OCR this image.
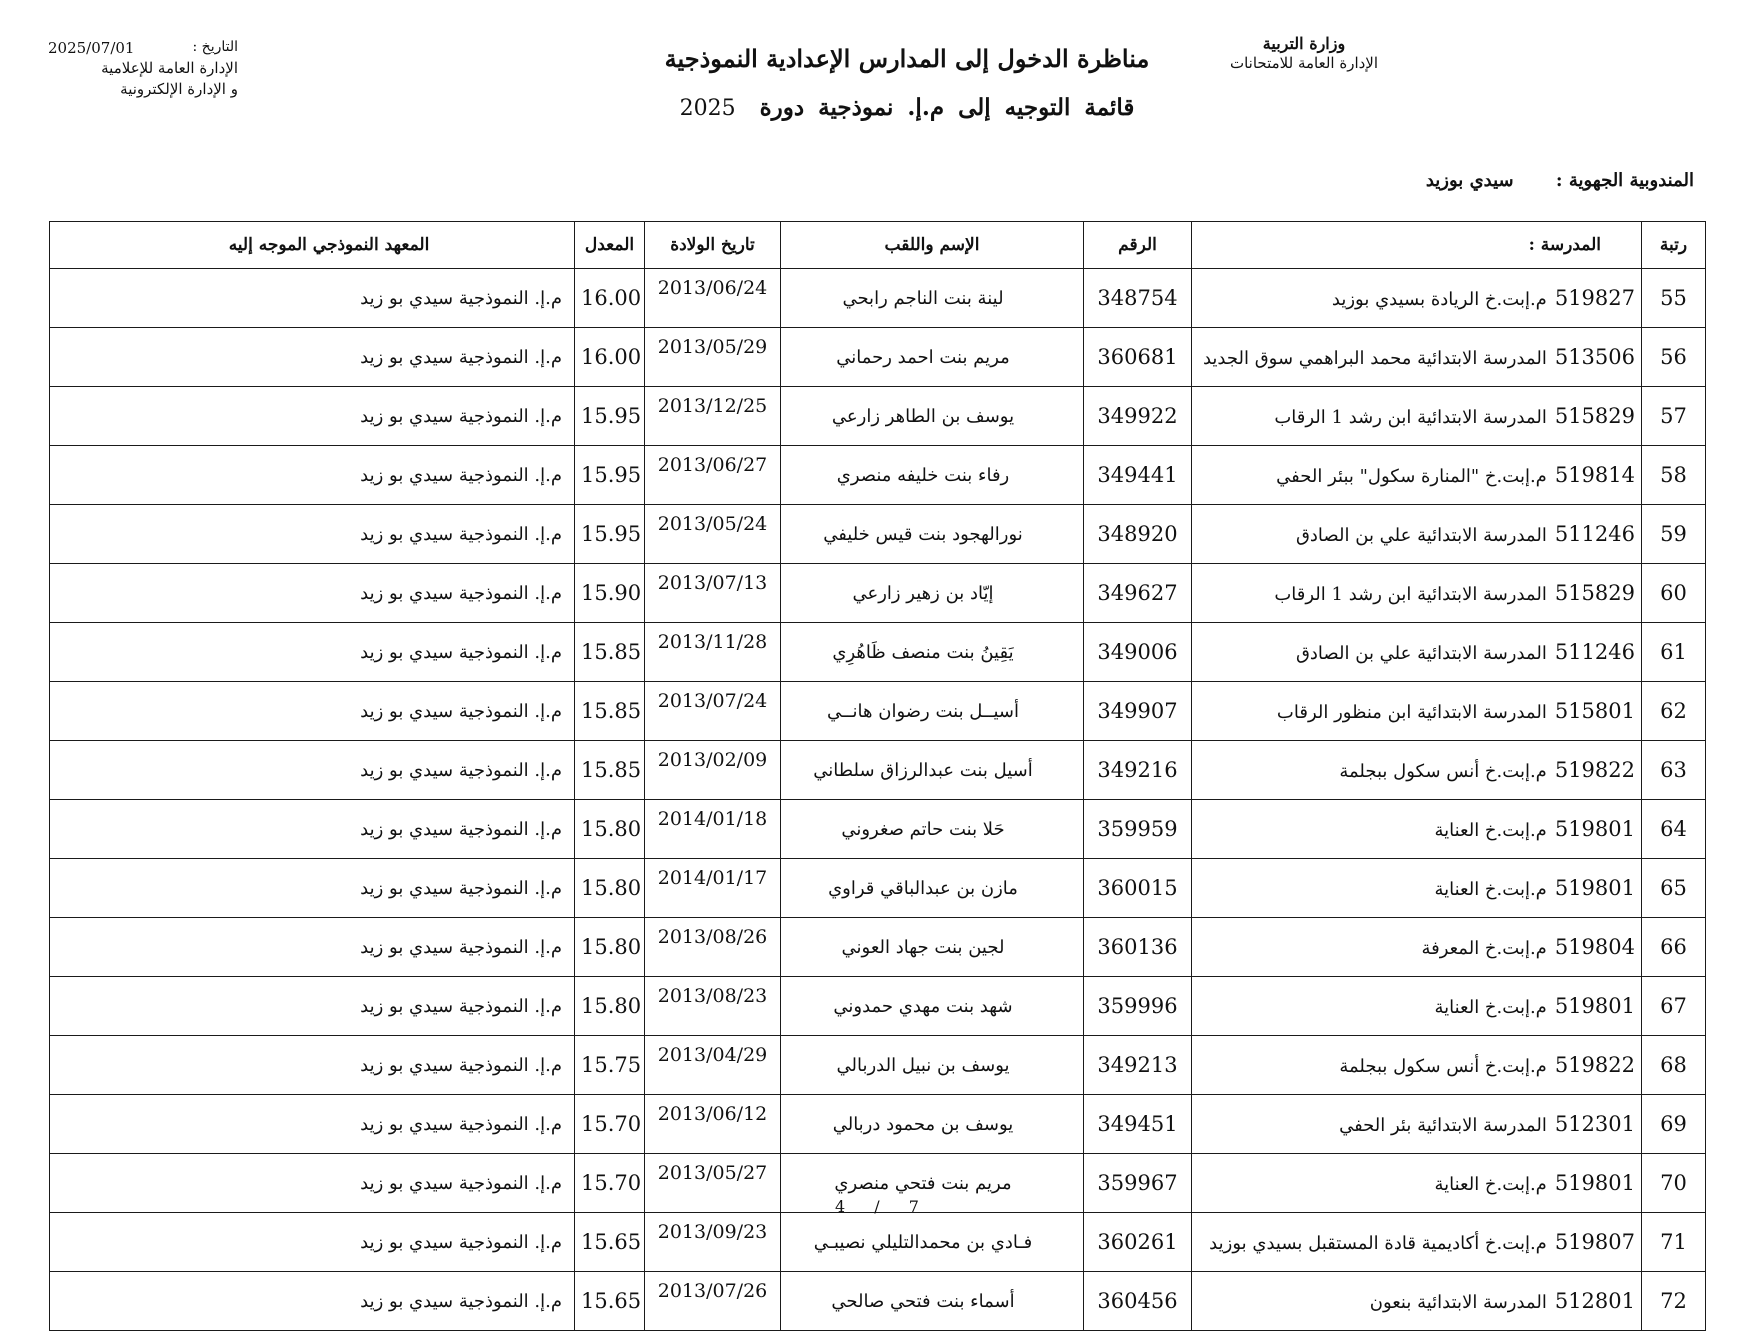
وزارة التربية
الإدارة العامة للامتحانات
التاريخ :
2025/07/01
الإدارة العامة للإعلامية
و الإدارة الإلكترونية
مناظرة الدخول إلى المدارس الإعدادية النموذجية
قائمة التوجيه إلى م.إ. نموذجية دورة 2025
المندوبية الجهوية : سيدي بوزيد
رتبة	المدرسة :	الرقم	الإسم واللقب	تاريخ الولادة	المعدل	المعهد النموذجي الموجه إليه
55	519827م.إبت.خ الريادة بسيدي بوزيد	348754	لينة بنت الناجم رابحي	2013/06/24	16.00	م.إ. النموذجية سيدي بو زيد
56	513506المدرسة الابتدائية محمد البراهمي سوق الجديد	360681	مريم بنت احمد رحماني	2013/05/29	16.00	م.إ. النموذجية سيدي بو زيد
57	515829المدرسة الابتدائية ابن رشد 1 الرقاب	349922	يوسف بن الطاهر زارعي	2013/12/25	15.95	م.إ. النموذجية سيدي بو زيد
58	519814م.إبت.خ "المنارة سكول" ببئر الحفي	349441	رفاء بنت خليفه منصري	2013/06/27	15.95	م.إ. النموذجية سيدي بو زيد
59	511246المدرسة الابتدائية علي بن الصادق	348920	نورالهجود بنت قيس خليفي	2013/05/24	15.95	م.إ. النموذجية سيدي بو زيد
60	515829المدرسة الابتدائية ابن رشد 1 الرقاب	349627	إيّاد بن زهير زارعي	2013/07/13	15.90	م.إ. النموذجية سيدي بو زيد
61	511246المدرسة الابتدائية علي بن الصادق	349006	يَقِينُ بنت منصف ظَاهُرِي	2013/11/28	15.85	م.إ. النموذجية سيدي بو زيد
62	515801المدرسة الابتدائية ابن منظور الرقاب	349907	أسيــل بنت رضوان هانــي	2013/07/24	15.85	م.إ. النموذجية سيدي بو زيد
63	519822م.إبت.خ أنس سكول ببجلمة	349216	أسيل بنت عبدالرزاق سلطاني	2013/02/09	15.85	م.إ. النموذجية سيدي بو زيد
64	519801م.إبت.خ العناية	359959	حَلا بنت حاتم صغروني	2014/01/18	15.80	م.إ. النموذجية سيدي بو زيد
65	519801م.إبت.خ العناية	360015	مازن بن عبدالباقي قراوي	2014/01/17	15.80	م.إ. النموذجية سيدي بو زيد
66	519804م.إبت.خ المعرفة	360136	لجين بنت جهاد العوني	2013/08/26	15.80	م.إ. النموذجية سيدي بو زيد
67	519801م.إبت.خ العناية	359996	شهد بنت مهدي حمدوني	2013/08/23	15.80	م.إ. النموذجية سيدي بو زيد
68	519822م.إبت.خ أنس سكول ببجلمة	349213	يوسف بن نبيل الدربالي	2013/04/29	15.75	م.إ. النموذجية سيدي بو زيد
69	512301المدرسة الابتدائية بئر الحفي	349451	يوسف بن محمود دربالي	2013/06/12	15.70	م.إ. النموذجية سيدي بو زيد
70	519801م.إبت.خ العناية	359967	مريم بنت فتحي منصري	2013/05/27	15.70	م.إ. النموذجية سيدي بو زيد
71	519807م.إبت.خ أكاديمية قادة المستقبل بسيدي بوزيد	360261	فـادي بن محمدالتليلي نصيبـي	2013/09/23	15.65	م.إ. النموذجية سيدي بو زيد
72	512801المدرسة الابتدائية بنعون	360456	أسماء بنت فتحي صالحي	2013/07/26	15.65	م.إ. النموذجية سيدي بو زيد
7 / 4
